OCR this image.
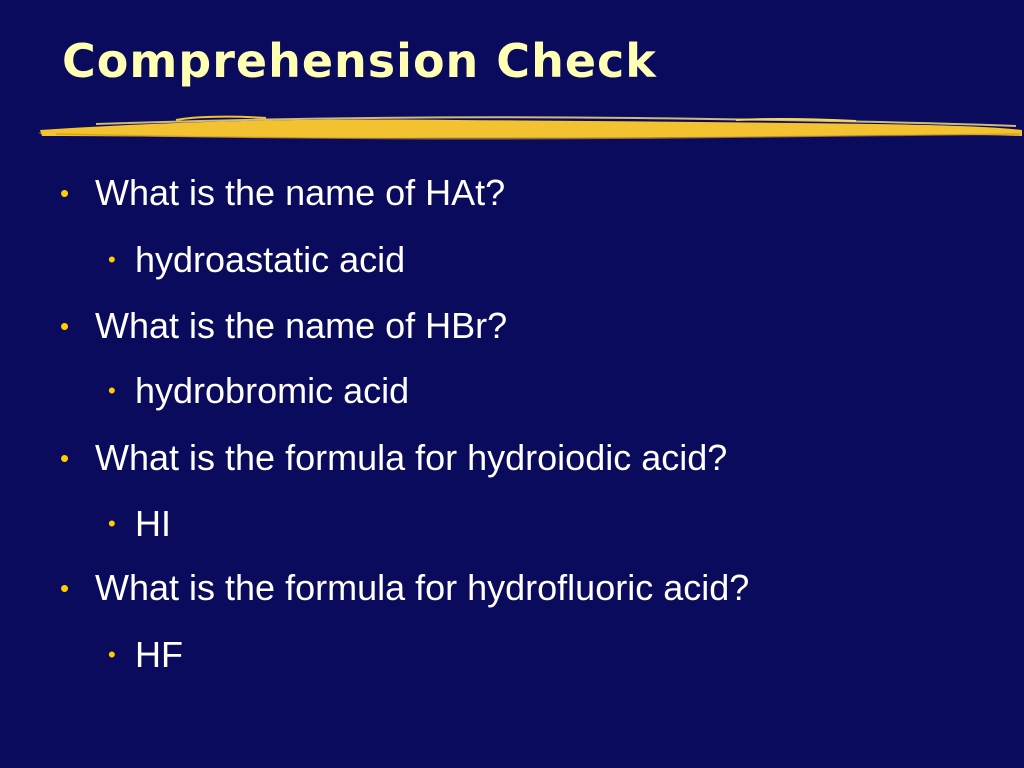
Comprehension Check
• What is the name of HAt?
• hydroastatic acid
• What is the name of HBr?
• hydrobromic acid
• What is the formula for hydroiodic acid?
• HI
• What is the formula for hydrofluoric acid?
• HF
